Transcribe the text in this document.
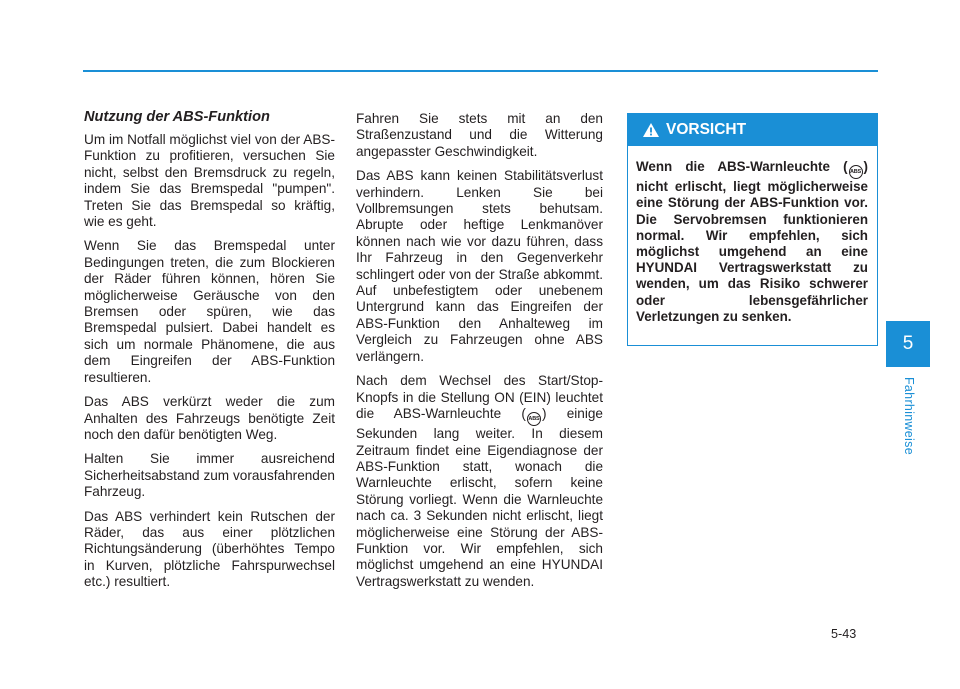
Nutzung der ABS-Funktion

Um im Notfall möglichst viel von der ABS-Funktion zu profitieren, versuchen Sie nicht, selbst den Bremsdruck zu regeln, indem Sie das Bremspedal "pumpen". Treten Sie das Bremspedal so kräftig, wie es geht.

Wenn Sie das Bremspedal unter Bedingungen treten, die zum Blockieren der Räder führen können, hören Sie möglicherweise Geräusche von den Bremsen oder spüren, wie das Bremspedal pulsiert. Dabei handelt es sich um normale Phänomene, die aus dem Eingreifen der ABS-Funktion resultieren.

Das ABS verkürzt weder die zum Anhalten des Fahrzeugs benötigte Zeit noch den dafür benötigten Weg.

Halten Sie immer ausreichend Sicherheitsabstand zum vorausfahrenden Fahrzeug.

Das ABS verhindert kein Rutschen der Räder, das aus einer plötzlichen Richtungsänderung (überhöhtes Tempo in Kurven, plötzliche Fahrspurwechsel etc.) resultiert.

Fahren Sie stets mit an den Straßenzustand und die Witterung angepasster Geschwindigkeit.

Das ABS kann keinen Stabilitätsverlust verhindern. Lenken Sie bei Vollbremsungen stets behutsam. Abrupte oder heftige Lenkmanöver können nach wie vor dazu führen, dass Ihr Fahrzeug in den Gegenverkehr schlingert oder von der Straße abkommt. Auf unbefestigtem oder unebenem Untergrund kann das Eingreifen der ABS-Funktion den Anhalteweg im Vergleich zu Fahrzeugen ohne ABS verlängern.

Nach dem Wechsel des Start/Stop-Knopfs in die Stellung ON (EIN) leuchtet die ABS-Warnleuchte ( ABS ) einige Sekunden lang weiter. In diesem Zeitraum findet eine Eigendiagnose der ABS-Funktion statt, wonach die Warnleuchte erlischt, sofern keine Störung vorliegt. Wenn die Warnleuchte nach ca. 3 Sekunden nicht erlischt, liegt möglicherweise eine Störung der ABS-Funktion vor. Wir empfehlen, sich möglichst umgehend an eine HYUNDAI Vertragswerkstatt zu wenden.

VORSICHT

Wenn die ABS-Warnleuchte ( ABS ) nicht erlischt, liegt möglicherweise eine Störung der ABS-Funktion vor. Die Servobremsen funktionieren normal. Wir empfehlen, sich möglichst umgehend an eine HYUNDAI Vertragswerkstatt zu wenden, um das Risiko schwerer oder lebensgefährlicher Verletzungen zu senken.

5
Fahrhinweise
5-43
